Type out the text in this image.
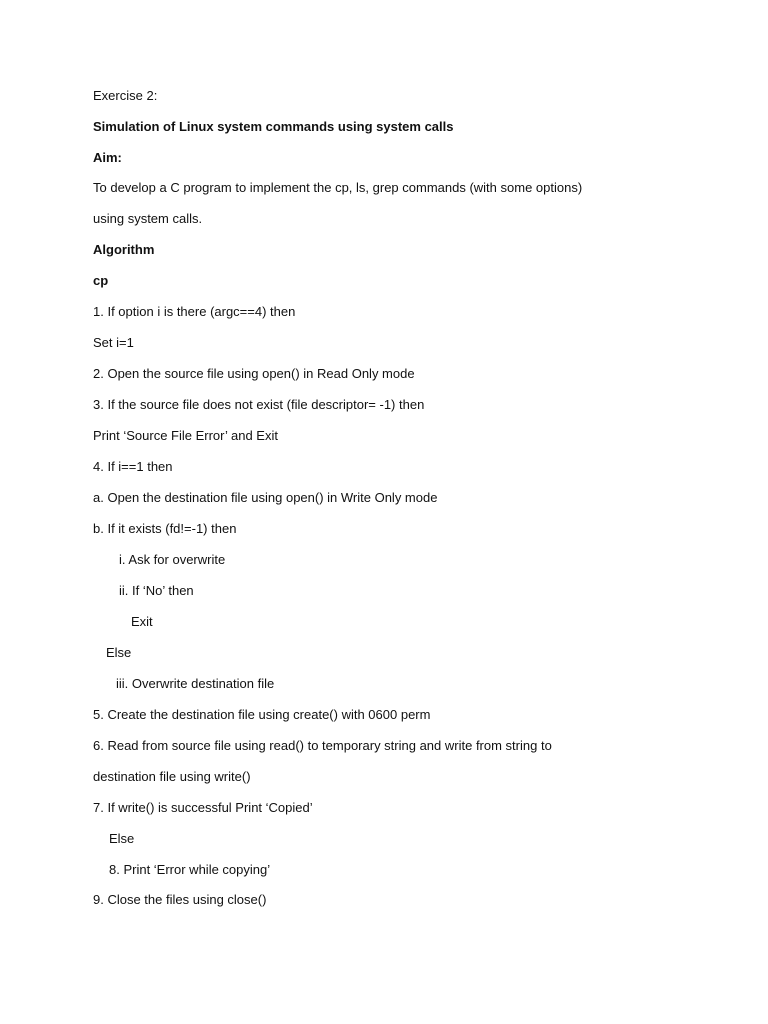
Exercise 2:
Simulation of Linux system commands using system calls
Aim:
To develop a C program to implement the cp, ls, grep commands (with some options)
using system calls.
Algorithm
cp
1. If option i is there (argc==4) then
Set i=1
2. Open the source file using open() in Read Only mode
3. If the source file does not exist (file descriptor= -1) then
Print ‘Source File Error’ and Exit
4. If i==1 then
a. Open the destination file using open() in Write Only mode
b. If it exists (fd!=-1) then
i. Ask for overwrite
ii. If ‘No’ then
Exit
Else
iii. Overwrite destination file
5. Create the destination file using create() with 0600 perm
6. Read from source file using read() to temporary string and write from string to
destination file using write()
7. If write() is successful Print ‘Copied’
Else
8. Print ‘Error while copying’
9. Close the files using close()
